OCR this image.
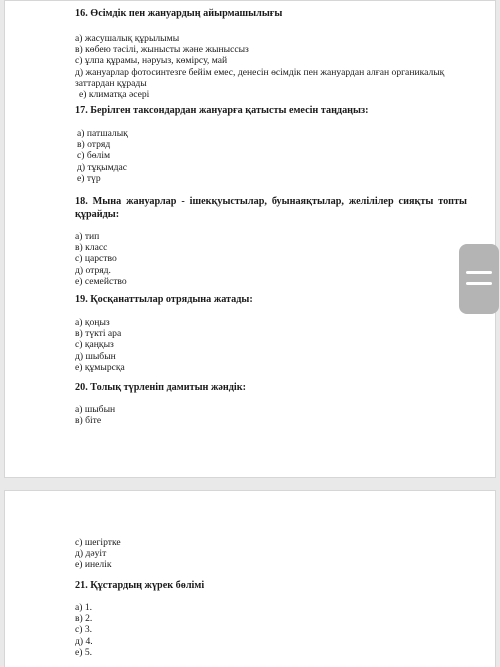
16. Өсімдік пен жануардың айырмашылығы

а) жасушалық құрылымы
в) көбею тәсілі, жынысты және жыныссыз
с) ұлпа құрамы, нәруыз, көмірсу, май
д) жануарлар фотосинтезге бейім емес, денесін өсімдік пен жануардан алған органикалық заттардан құрады
е) климатқа әсері

17. Берілген таксондардан жануарға қатысты емесін таңдаңыз:

а) патшалық
в) отряд
с) бөлім
д) тұқымдас
е) түр

18. Мына жануарлар - ішекқуыстылар, буынаяқтылар, желілілер сияқты топты құрайды:

а) тип
в) класс
с) царство
д) отряд.
е) семейство

19. Қосқанаттылар отрядына жатады:

а) қоңыз
в) түкті ара
с) қаңқыз
д) шыбын
е) құмырсқа

20. Толық түрленіп дамитын жәндік:

а) шыбын
в) біте
с) шегіртке
д) дәуіт
е) инелік

21. Құстардың жүрек бөлімі

а) 1.
в) 2.
с) 3.
д) 4.
е) 5.
